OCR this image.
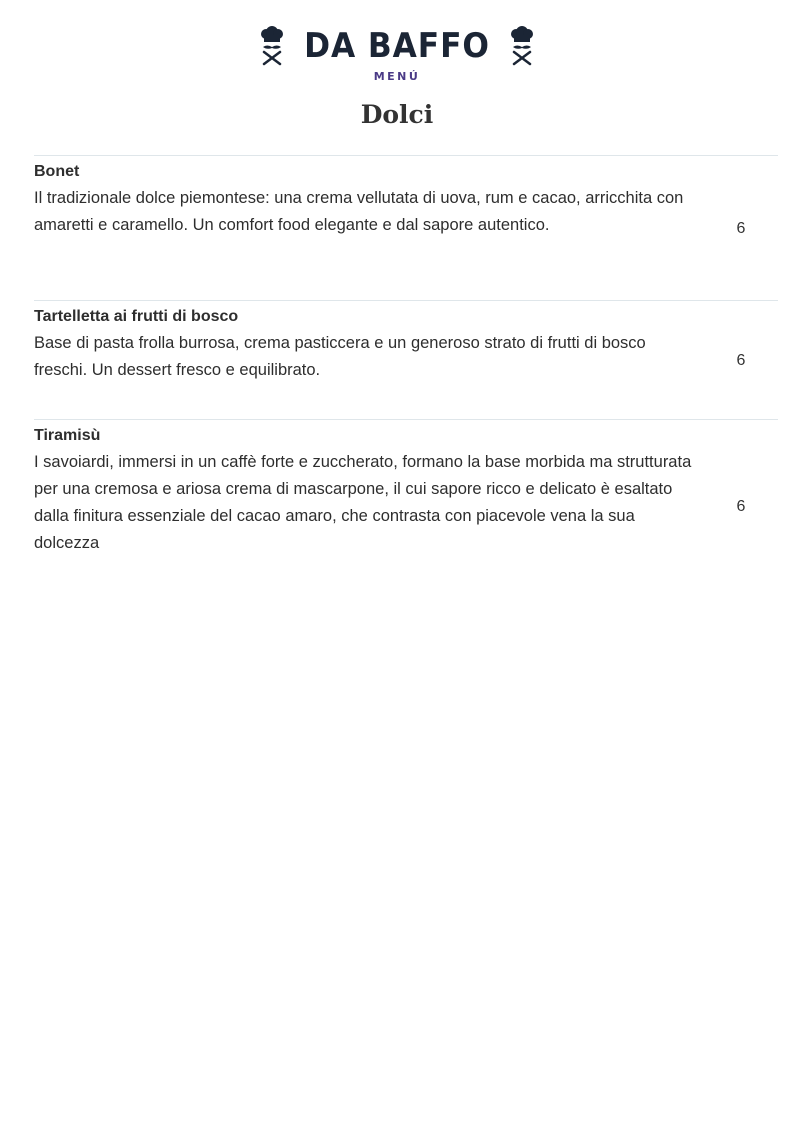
DA BAFFO
MENÚ
Dolci
Bonet
Il tradizionale dolce piemontese: una crema vellutata di uova, rum e cacao, arricchita con amaretti e caramello. Un comfort food elegante e dal sapore autentico.	6
Tartelletta ai frutti di bosco
Base di pasta frolla burrosa, crema pasticcera e un generoso strato di frutti di bosco freschi. Un dessert fresco e equilibrato.
6
Tiramisù
I savoiardi, immersi in un caffè forte e zuccherato, formano la base morbida ma strutturata per una cremosa e ariosa crema di mascarpone, il cui sapore ricco e delicato è esaltato dalla finitura essenziale del cacao amaro, che contrasta con piacevole vena la sua dolcezza
6
